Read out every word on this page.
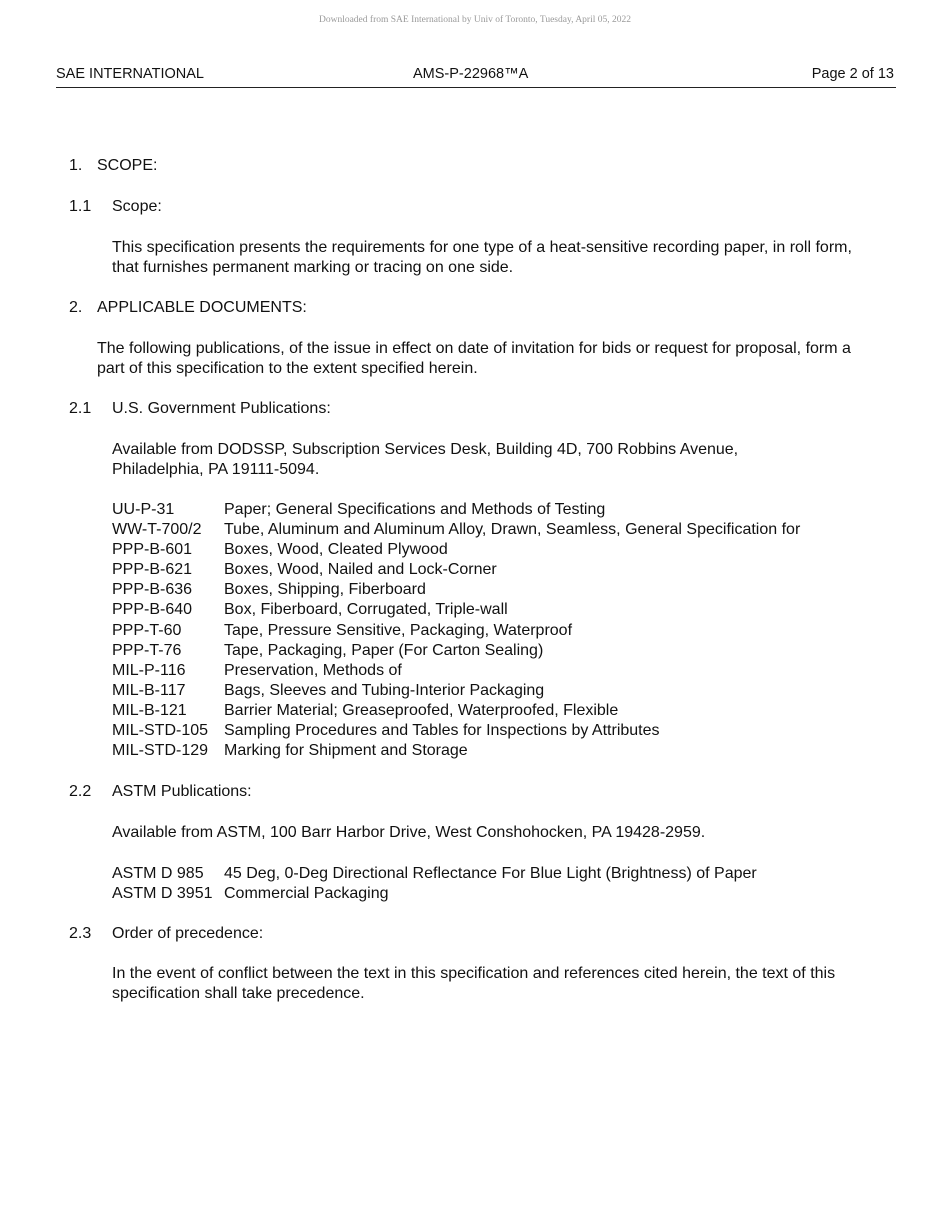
Downloaded from SAE International by Univ of Toronto, Tuesday, April 05, 2022
SAE INTERNATIONAL	AMS-P-22968™A	Page 2 of 13
1. SCOPE:
1.1 Scope:
This specification presents the requirements for one type of a heat-sensitive recording paper, in roll form, that furnishes permanent marking or tracing on one side.
2. APPLICABLE DOCUMENTS:
The following publications, of the issue in effect on date of invitation for bids or request for proposal, form a part of this specification to the extent specified herein.
2.1 U.S. Government Publications:
Available from DODSSP, Subscription Services Desk, Building 4D, 700 Robbins Avenue, Philadelphia, PA 19111-5094.
UU-P-31	Paper; General Specifications and Methods of Testing
WW-T-700/2	Tube, Aluminum and Aluminum Alloy, Drawn, Seamless, General Specification for
PPP-B-601	Boxes, Wood, Cleated Plywood
PPP-B-621	Boxes, Wood, Nailed and Lock-Corner
PPP-B-636	Boxes, Shipping, Fiberboard
PPP-B-640	Box, Fiberboard, Corrugated, Triple-wall
PPP-T-60	Tape, Pressure Sensitive, Packaging, Waterproof
PPP-T-76	Tape, Packaging, Paper (For Carton Sealing)
MIL-P-116	Preservation, Methods of
MIL-B-117	Bags, Sleeves and Tubing-Interior Packaging
MIL-B-121	Barrier Material; Greaseproofed, Waterproofed, Flexible
MIL-STD-105 Sampling Procedures and Tables for Inspections by Attributes
MIL-STD-129 Marking for Shipment and Storage
2.2 ASTM Publications:
Available from ASTM, 100 Barr Harbor Drive, West Conshohocken, PA 19428-2959.
ASTM D 985	45 Deg, 0-Deg Directional Reflectance For Blue Light (Brightness) of Paper
ASTM D 3951 Commercial Packaging
2.3 Order of precedence:
In the event of conflict between the text in this specification and references cited herein, the text of this specification shall take precedence.
